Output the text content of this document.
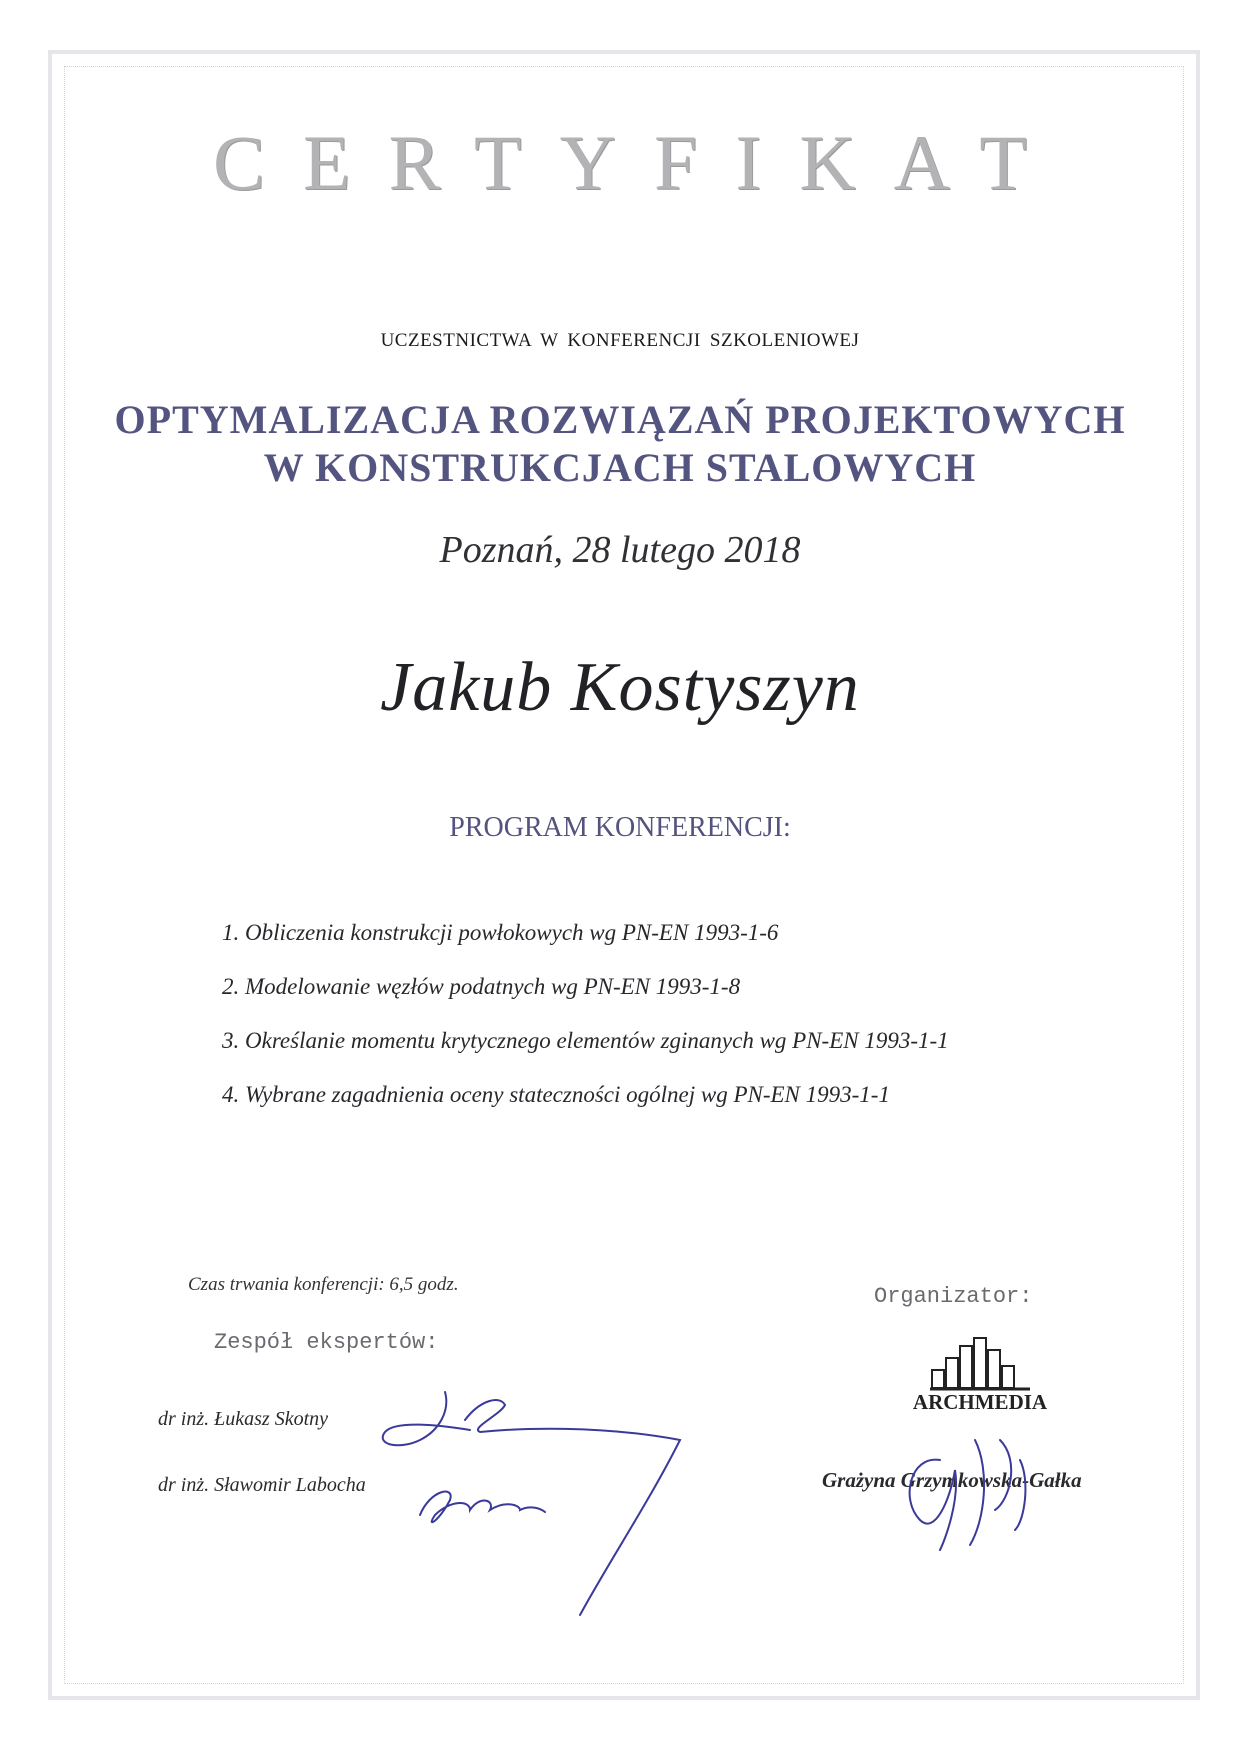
CERTYFIKAT
UCZESTNICTWA W KONFERENCJI SZKOLENIOWEJ
OPTYMALIZACJA ROZWIĄZAŃ PROJEKTOWYCH
W KONSTRUKCJACH STALOWYCH
Poznań, 28 lutego 2018
Jakub Kostyszyn
PROGRAM KONFERENCJI:
1. Obliczenia konstrukcji powłokowych wg PN-EN 1993-1-6
2. Modelowanie węzłów podatnych wg PN-EN 1993-1-8
3. Określanie momentu krytycznego elementów zginanych wg PN-EN 1993-1-1
4. Wybrane zagadnienia oceny stateczności ogólnej wg PN-EN 1993-1-1
Czas trwania konferencji: 6,5 godz.
Zespół ekspertów:
dr inż. Łukasz Skotny
dr inż. Sławomir Labocha
Organizator:
ARCHMEDIA
Grażyna Grzymkowska-Gałka
